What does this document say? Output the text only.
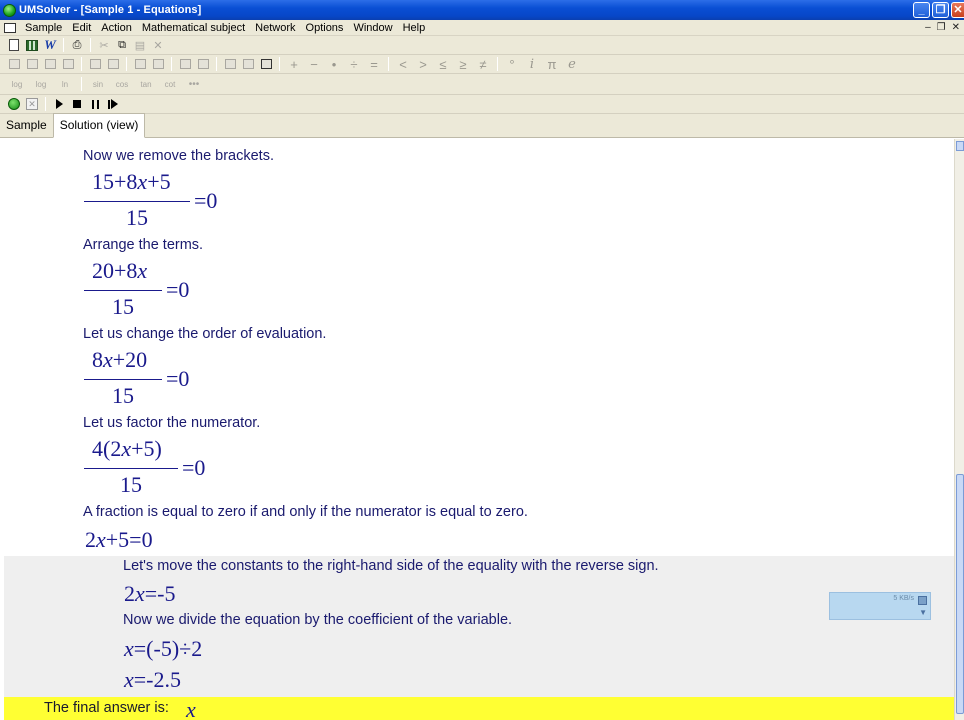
UMSolver - [Sample 1 - Equations]	_	❐ ✕
Sample Edit Action Mathematical subject Network Options Window Help	– ❐ ✕
W ⎙ ✂ ⧉ ▤ ✕
+ −	•	÷ =	< > ≤ ≥ ≠	°	i	π e
log	log	ln	sin	cos	tan	cot	•••
✕
Sample	Solution (view)
Now we remove the brackets.
15+8x+5
15
=0
Arrange the terms.
20+8x
15
=0
Let us change the order of evaluation.
8x+20
15
=0
Let us factor the numerator.
4(2x+5)
15
=0
A fraction is equal to zero if and only if the numerator is equal to zero.
2x+5=0
Let's move the constants to the right-hand side of the equality with the reverse sign.
2x=-5
Now we divide the equation by the coefficient of the variable.
x=(-5)÷2
x=-2.5
The final answer is: x
5 KB/s
▼
